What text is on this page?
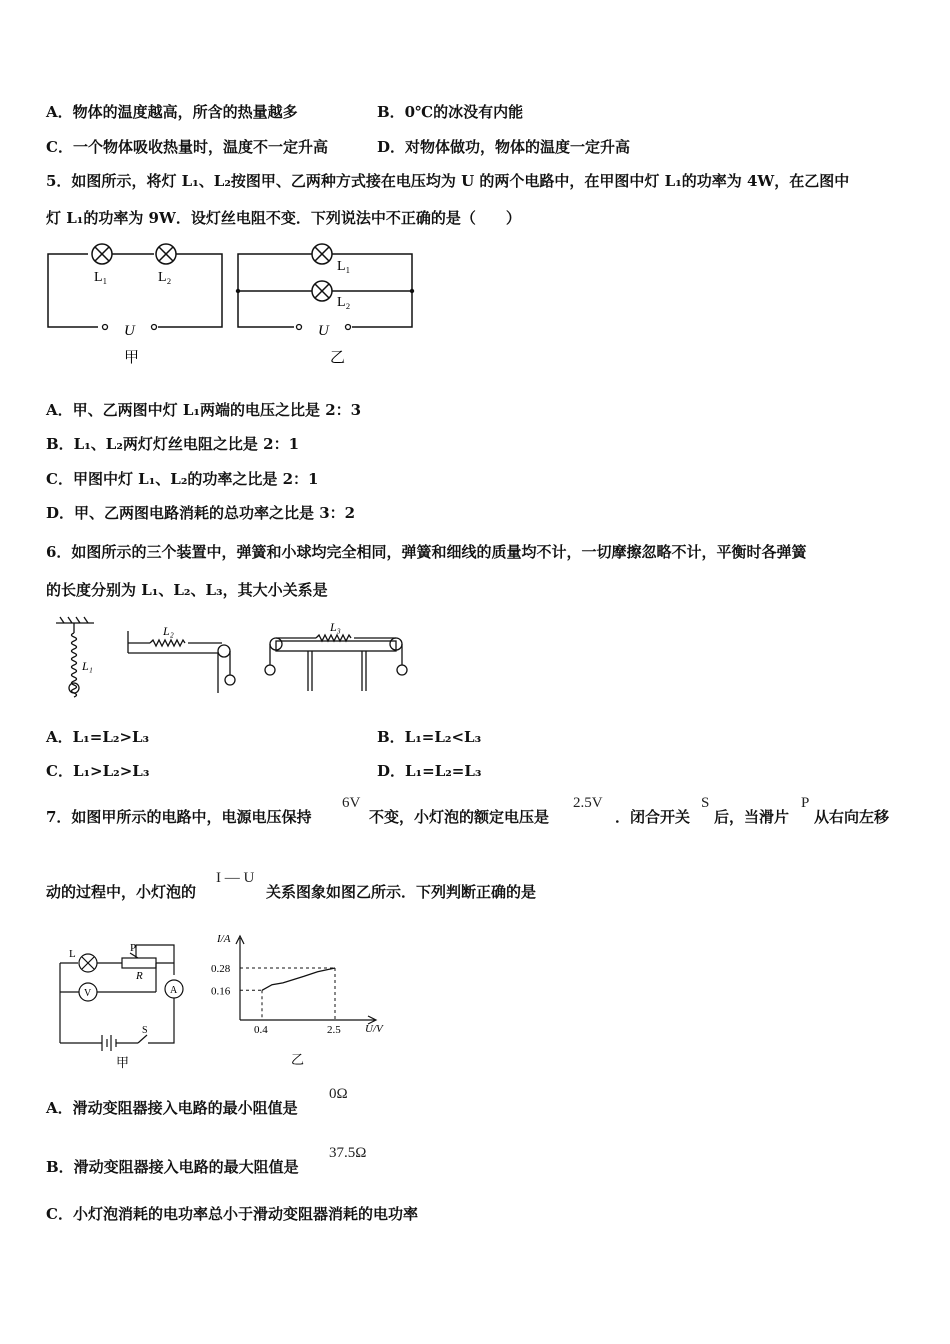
A．物体的温度越高，所含的热量越多	B．0℃的冰没有内能
C．一个物体吸收热量时，温度不一定升高	D．对物体做功，物体的温度一定升高
5．如图所示，将灯 L₁、L₂按图甲、乙两种方式接在电压均为 U 的两个电路中，在甲图中灯 L₁的功率为 4W，在乙图中
灯 L₁的功率为 9W．设灯丝电阻不变．下列说法中不正确的是（　　）
L₁	L₂
U
甲
L₁
L₂
U
乙
A．甲、乙两图中灯 L₁两端的电压之比是 2：3
B．L₁、L₂两灯灯丝电阻之比是 2：1
C．甲图中灯 L₁、L₂的功率之比是 2：1
D．甲、乙两图电路消耗的总功率之比是 3：2
6．如图所示的三个装置中，弹簧和小球均完全相同，弹簧和细线的质量均不计，一切摩擦忽略不计，平衡时各弹簧
的长度分别为 L₁、L₂、L₃，其大小关系是
L₁
L₂	L₃
A．L₁=L₂>L₃	B．L₁=L₂<L₃
C．L₁>L₂>L₃	D．L₁=L₂=L₃
7．如图甲所示的电路中，电源电压保持
6V
不变，小灯泡的额定电压是
2.5V
．闭合开关
S
后，当滑片
P
从右向左移
动的过程中，小灯泡的
I — U
关系图象如图乙所示．下列判断正确的是
L	P
R
V	A
S
甲
I/A
U/V
0.4	2.5
0.28
0.16
乙
A．滑动变阻器接入电路的最小阻值是
0Ω
B．滑动变阻器接入电路的最大阻值是
37.5Ω
C．小灯泡消耗的电功率总小于滑动变阻器消耗的电功率
